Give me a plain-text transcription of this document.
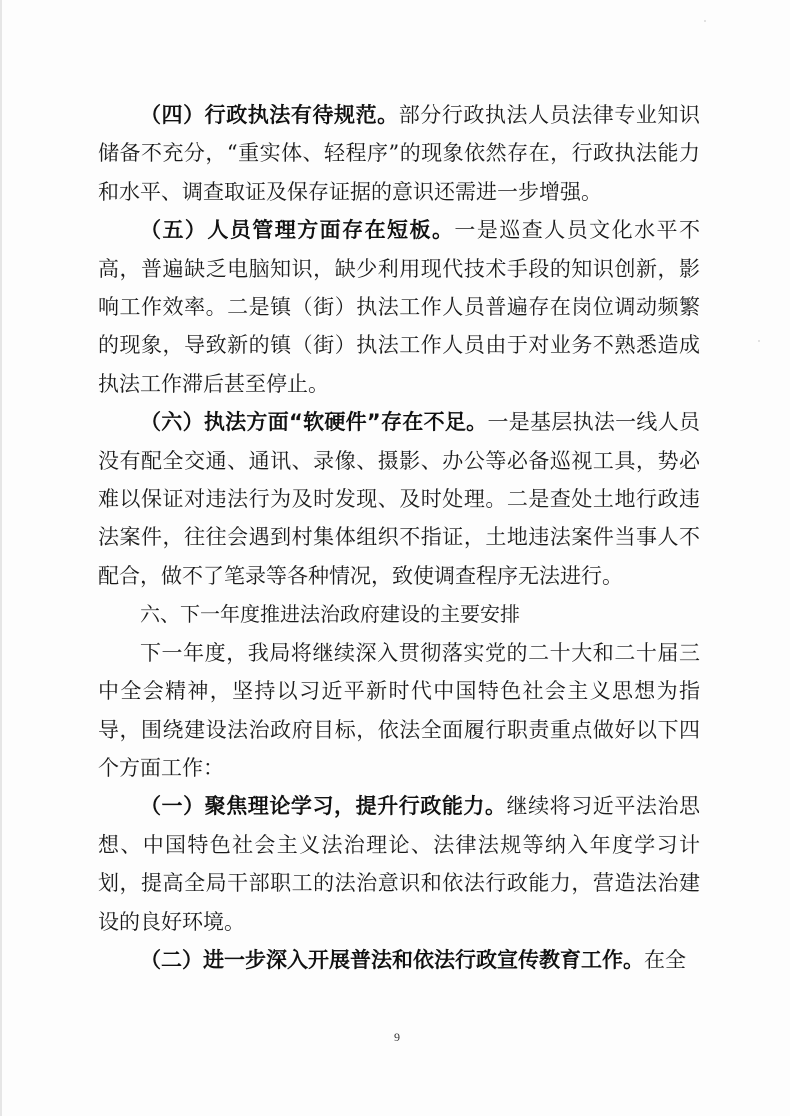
（四）行政执法有待规范。部分行政执法人员法律专业知识储备不充分，“重实体、轻程序”的现象依然存在，行政执法能力和水平、调查取证及保存证据的意识还需进一步增强。

（五）人员管理方面存在短板。一是巡查人员文化水平不高，普遍缺乏电脑知识，缺少利用现代技术手段的知识创新，影响工作效率。二是镇（街）执法工作人员普遍存在岗位调动频繁的现象，导致新的镇（街）执法工作人员由于对业务不熟悉造成执法工作滞后甚至停止。

（六）执法方面“软硬件”存在不足。一是基层执法一线人员没有配全交通、通讯、录像、摄影、办公等必备巡视工具，势必难以保证对违法行为及时发现、及时处理。二是查处土地行政违法案件，往往会遇到村集体组织不指证，土地违法案件当事人不配合，做不了笔录等各种情况，致使调查程序无法进行。

六、下一年度推进法治政府建设的主要安排

下一年度，我局将继续深入贯彻落实党的二十大和二十届三中全会精神，坚持以习近平新时代中国特色社会主义思想为指导，围绕建设法治政府目标，依法全面履行职责重点做好以下四个方面工作：

（一）聚焦理论学习，提升行政能力。继续将习近平法治思想、中国特色社会主义法治理论、法律法规等纳入年度学习计划，提高全局干部职工的法治意识和依法行政能力，营造法治建设的良好环境。

（二）进一步深入开展普法和依法行政宣传教育工作。在全

9
